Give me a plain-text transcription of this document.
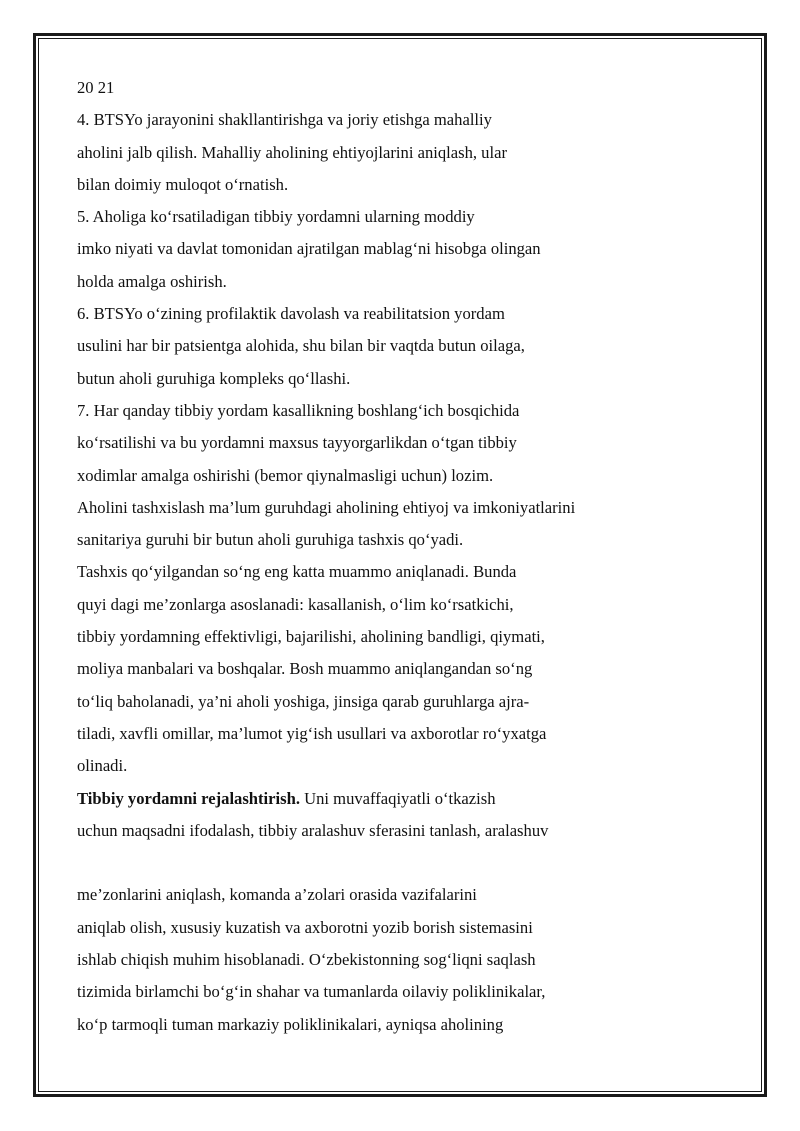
20 21
4. BTSYo jarayonini shakllantirishga va joriy etishga mahalliy
aholini jalb qilish. Mahalliy aholining ehtiyojlarini aniqlash, ular
bilan doimiy muloqot o‘rnatish.
5. Aholiga ko‘rsatiladigan tibbiy yordamni ularning moddiy
imko niyati va davlat tomonidan ajratilgan mablag‘ni hisobga olingan
holda amalga oshirish.
6. BTSYo o‘zining profilaktik davolash va reabilitatsion yordam
usulini har bir patsientga alohida, shu bilan bir vaqtda butun oilaga,
butun aholi guruhiga kompleks qo‘llashi.
7. Har qanday tibbiy yordam kasallikning boshlang‘ich bosqichida
ko‘rsatilishi va bu yordamni maxsus tayyorgarlikdan o‘tgan tibbiy
xodimlar amalga oshirishi (bemor qiynalmasligi uchun) lozim.
Aholini tashxislash ma’lum guruhdagi aholining ehtiyoj va imkoniyatlarini
sanitariya guruhi bir butun aholi guruhiga tashxis qo‘yadi.
Tashxis qo‘yilgandan so‘ng eng katta muammo aniqlanadi. Bunda
quyi dagi me’zonlarga asoslanadi: kasallanish, o‘lim ko‘rsatkichi,
tibbiy yordamning effektivligi, bajarilishi, aholining bandligi, qiymati,
moliya manbalari va boshqalar. Bosh muammo aniqlangandan so‘ng
to‘liq baholanadi, ya’ni aholi yoshiga, jinsiga qarab guruhlarga ajra-
tiladi, xavfli omillar, ma’lumot yig‘ish usullari va axborotlar ro‘yxatga
olinadi.
Tibbiy yordamni rejalashtirish. Uni muvaffaqiyatli o‘tkazish
uchun maqsadni ifodalash, tibbiy aralashuv sferasini tanlash, aralashuv
me’zonlarini aniqlash, komanda a’zolari orasida vazifalarini
aniqlab olish, xususiy kuzatish va axborotni yozib borish sistemasini
ishlab chiqish muhim hisoblanadi. O‘zbekistonning sog‘liqni saqlash
tizimida birlamchi bo‘g‘in shahar va tumanlarda oilaviy poliklinikalar,
ko‘p tarmoqli tuman markaziy poliklinikalari, ayniqsa aholining
